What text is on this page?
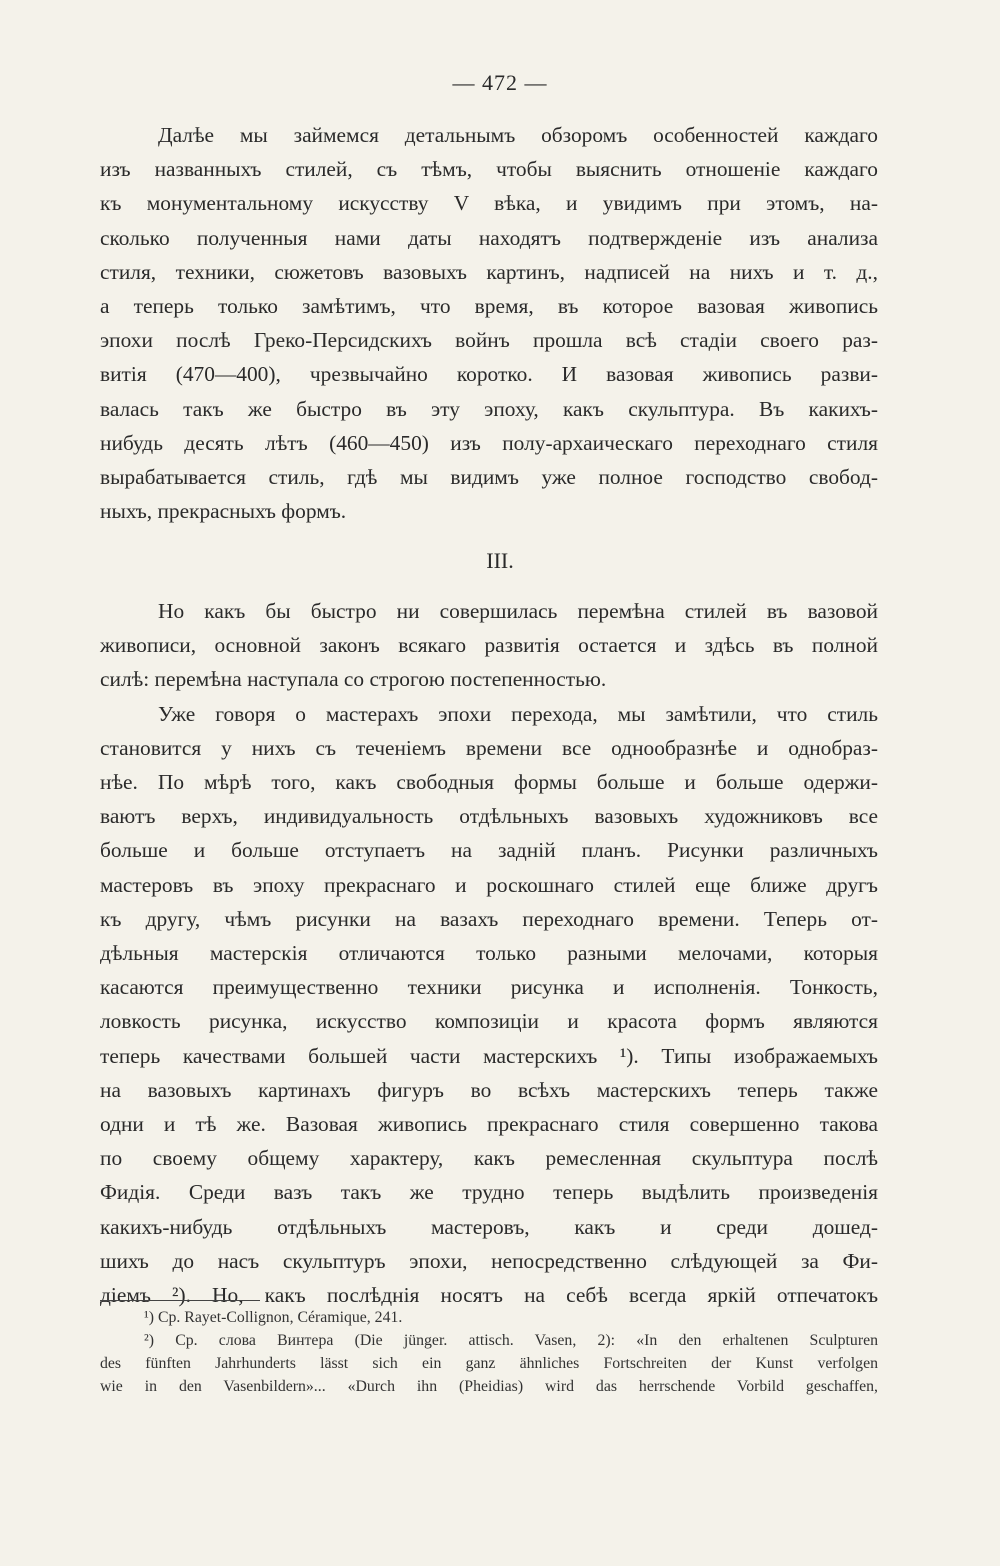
— 472 —
Далѣе мы займемся детальнымъ обзоромъ особенностей каждаго
изъ названныхъ стилей, съ тѣмъ, чтобы выяснить отношеніе каждаго
къ монументальному искусству V вѣка, и увидимъ при этомъ, на-
сколько полученныя нами даты находятъ подтвержденіе изъ анализа
стиля, техники, сюжетовъ вазовыхъ картинъ, надписей на нихъ и т. д.,
а теперь только замѣтимъ, что время, въ которое вазовая живопись
эпохи послѣ Греко-Персидскихъ войнъ прошла всѣ стадіи своего раз-
витія (470—400), чрезвычайно коротко. И вазовая живопись разви-
валась такъ же быстро въ эту эпоху, какъ скульптура. Въ какихъ-
нибудь десять лѣтъ (460—450) изъ полу-архаическаго переходнаго стиля
вырабатывается стиль, гдѣ мы видимъ уже полное господство свобод-
ныхъ, прекрасныхъ формъ.
III.
Но какъ бы быстро ни совершилась перемѣна стилей въ вазовой
живописи, основной законъ всякаго развитія остается и здѣсь въ полной
силѣ: перемѣна наступала со строгою постепенностью.
Уже говоря о мастерахъ эпохи перехода, мы замѣтили, что стиль
становится у нихъ съ теченіемъ времени все однообразнѣе и однобраз-
нѣе. По мѣрѣ того, какъ свободныя формы больше и больше одержи-
ваютъ верхъ, индивидуальность отдѣльныхъ вазовыхъ художниковъ все
больше и больше отступаетъ на задній планъ. Рисунки различныхъ
мастеровъ въ эпоху прекраснаго и роскошнаго стилей еще ближе другъ
къ другу, чѣмъ рисунки на вазахъ переходнаго времени. Теперь от-
дѣльныя мастерскія отличаются только разными мелочами, которыя
касаются преимущественно техники рисунка и исполненія. Тонкость,
ловкость рисунка, искусство композиціи и красота формъ являются
теперь качествами большей части мастерскихъ ¹). Типы изображаемыхъ
на вазовыхъ картинахъ фигуръ во всѣхъ мастерскихъ теперь также
одни и тѣ же. Вазовая живопись прекраснаго стиля совершенно такова
по своему общему характеру, какъ ремесленная скульптура послѣ
Фидія. Среди вазъ такъ же трудно теперь выдѣлить произведенія
какихъ-нибудь отдѣльныхъ мастеровъ, какъ и среди дошед-
шихъ до насъ скульптуръ эпохи, непосредственно слѣдующей за Фи-
діемъ ²). Но, какъ послѣднія носятъ на себѣ всегда яркій отпечатокъ
¹) Ср. Rayet-Collignon, Céramique, 241.
²) Ср. слова Винтера (Die jünger. attisch. Vasen, 2): «In den erhaltenen Sculpturen
des fünften Jahrhunderts lässt sich ein ganz ähnliches Fortschreiten der Kunst verfolgen
wie in den Vasenbildern»... «Durch ihn (Pheidias) wird das herrschende Vorbild geschaffen,
